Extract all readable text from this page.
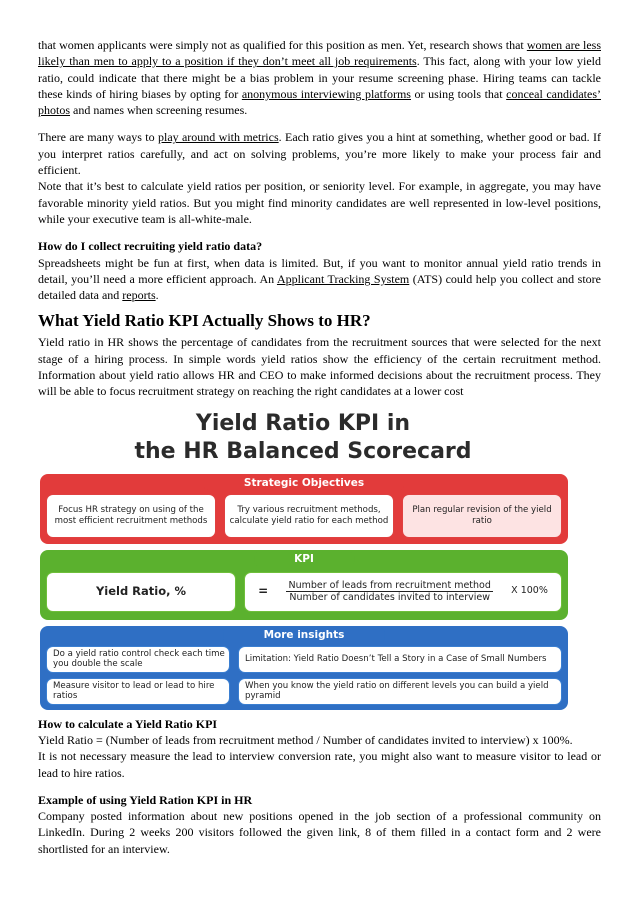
that women applicants were simply not as qualified for this position as men. Yet, research shows that women are less likely than men to apply to a position if they don’t meet all job requirements. This fact, along with your low yield ratio, could indicate that there might be a bias problem in your resume screening phase. Hiring teams can tackle these kinds of hiring biases by opting for anonymous interviewing platforms or using tools that conceal candidates’ photos and names when screening resumes.

There are many ways to play around with metrics. Each ratio gives you a hint at something, whether good or bad. If you interpret ratios carefully, and act on solving problems, you’re more likely to make your process fair and efficient.

Note that it’s best to calculate yield ratios per position, or seniority level. For example, in aggregate, you may have favorable minority yield ratios. But you might find minority candidates are well represented in low-level positions, while your executive team is all-white-male.

How do I collect recruiting yield ratio data?

Spreadsheets might be fun at first, when data is limited. But, if you want to monitor annual yield ratio trends in detail, you’ll need a more efficient approach. An Applicant Tracking System (ATS) could help you collect and store detailed data and reports.

What Yield Ratio KPI Actually Shows to HR?

Yield ratio in HR shows the percentage of candidates from the recruitment sources that were selected for the next stage of a hiring process. In simple words yield ratios show the efficiency of the certain recruitment method. Information about yield ratio allows HR and CEO to make informed decisions about the recruitment process. They will be able to focus recruitment strategy on reaching the right candidates at a lower cost

Yield Ratio KPI in
the HR Balanced Scorecard
Strategic Objectives
Focus HR strategy on using of the most efficient recruitment methods
Try various recruitment methods, calculate yield ratio for each method
Plan regular revision of the yield ratio
KPI
Yield Ratio, %	= $\frac{\text{Number of leads from recruitment method}}{\text{Number of candidates invited to interview}}$ X 100%
More insights
Do a yield ratio control check each time you double the scale
Limitation: Yield Ratio Doesn’t Tell a Story in a Case of Small Numbers
Measure visitor to lead or lead to hire ratios
When you know the yield ratio on different levels you can build a yield pyramid

How to calculate a Yield Ratio KPI

Yield Ratio = (Number of leads from recruitment method / Number of candidates invited to interview) x 100%.

It is not necessary measure the lead to interview conversion rate, you might also want to measure visitor to lead or lead to hire ratios.

Example of using Yield Ration KPI in HR

Company posted information about new positions opened in the job section of a professional community on LinkedIn. During 2 weeks 200 visitors followed the given link, 8 of them filled in a contact form and 2 were shortlisted for an interview.
